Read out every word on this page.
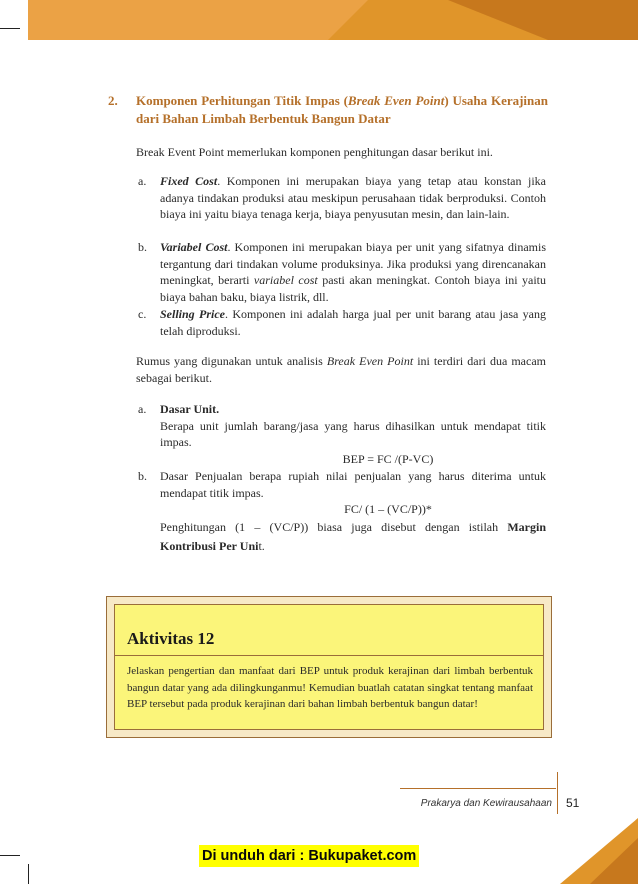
2. Komponen Perhitungan Titik Impas (Break Even Point) Usaha Kerajinan dari Bahan Limbah Berbentuk Bangun Datar

Break Event Point memerlukan komponen penghitungan dasar berikut ini.

a. Fixed Cost. Komponen ini merupakan biaya yang tetap atau konstan jika adanya tindakan produksi atau meskipun perusahaan tidak berproduksi. Contoh biaya ini yaitu biaya tenaga kerja, biaya penyusutan mesin, dan lain-lain.
b. Variabel Cost. Komponen ini merupakan biaya per unit yang sifatnya dinamis tergantung dari tindakan volume produksinya. Jika produksi yang direncanakan meningkat, berarti variabel cost pasti akan meningkat. Contoh biaya ini yaitu biaya bahan baku, biaya listrik, dll.
c. Selling Price. Komponen ini adalah harga jual per unit barang atau jasa yang telah diproduksi.

Rumus yang digunakan untuk analisis Break Even Point ini terdiri dari dua macam sebagai berikut.

a. Dasar Unit.
Berapa unit jumlah barang/jasa yang harus dihasilkan untuk mendapat titik impas.
BEP = FC /(P-VC)
b. Dasar Penjualan berapa rupiah nilai penjualan yang harus diterima untuk mendapat titik impas.
FC/ (1 – (VC/P))*
Penghitungan (1 – (VC/P)) biasa juga disebut dengan istilah Margin Kontribusi Per Unit.
Aktivitas 12
Jelaskan pengertian dan manfaat dari BEP untuk produk kerajinan dari limbah berbentuk bangun datar yang ada dilingkunganmu! Kemudian buatlah catatan singkat tentang manfaat BEP tersebut pada produk kerajinan dari bahan limbah berbentuk bangun datar!
Prakarya dan Kewirausahaan 51
Di unduh dari : Bukupaket.com
